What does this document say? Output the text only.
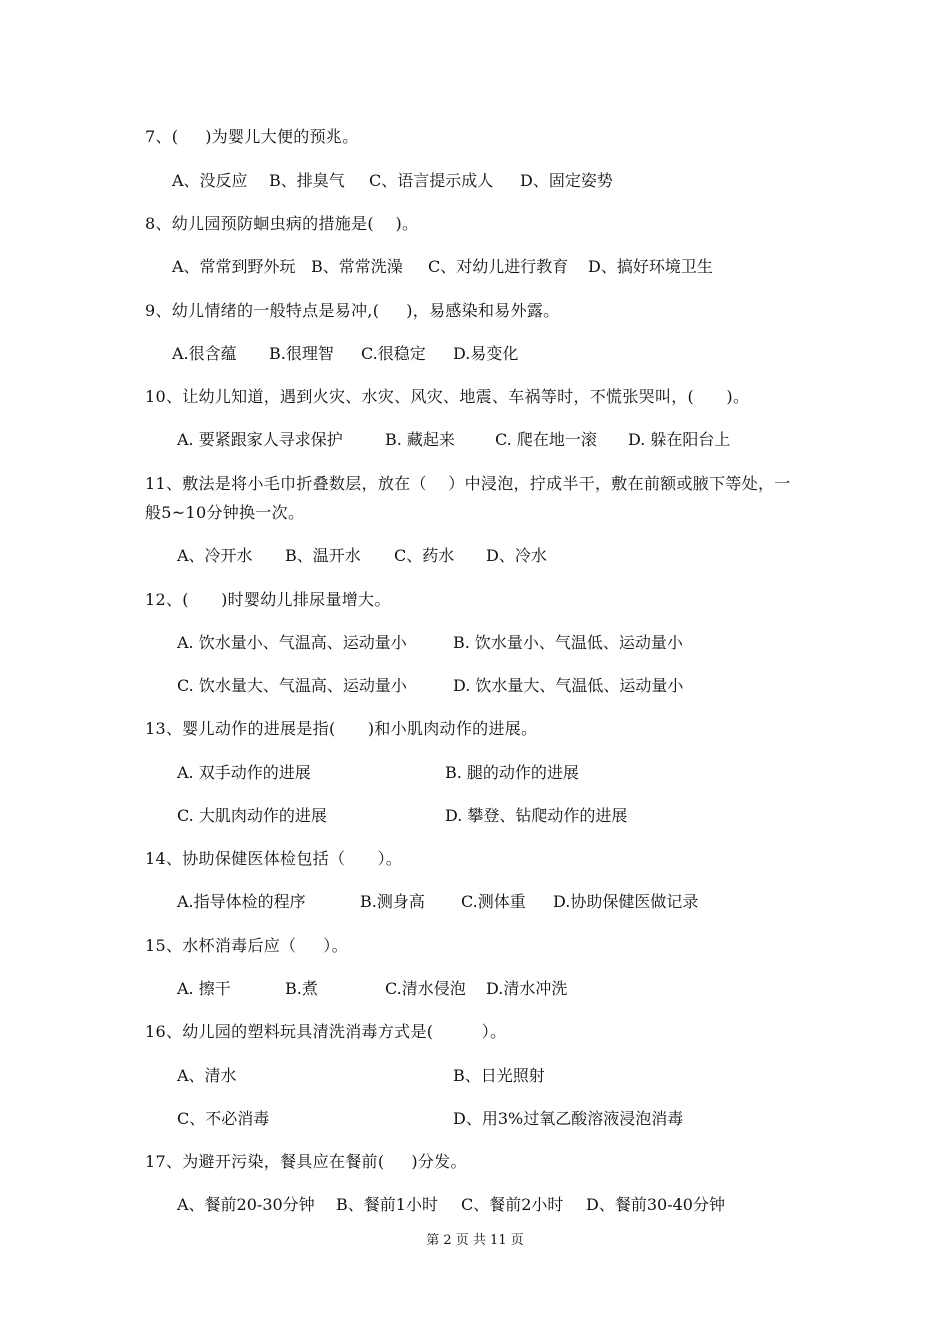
7、(     )为婴儿大便的预兆。
A、没反应 B、排臭气 C、语言提示成人 D、固定姿势
8、幼儿园预防蛔虫病的措施是(    )。
A、常常到野外玩 B、常常洗澡 C、对幼儿进行教育 D、搞好环境卫生
9、幼儿情绪的一般特点是易冲,(     )，易感染和易外露。
A.很含蕴 B.很理智 C.很稳定 D.易变化
10、让幼儿知道，遇到火灾、水灾、风灾、地震、车祸等时，不慌张哭叫，(      )。
A. 要紧跟家人寻求保护	B. 藏起来	C. 爬在地一滚 D. 躲在阳台上
11、敷法是将小毛巾折叠数层，放在（    ）中浸泡，拧成半干，敷在前额或腋下等处，一
般5~10分钟换一次。
A、冷开水 B、温开水 C、药水 D、冷水
12、(      )时婴幼儿排尿量增大。
A. 饮水量小、气温高、运动量小	B. 饮水量小、气温低、运动量小
C. 饮水量大、气温高、运动量小	D. 饮水量大、气温低、运动量小
13、婴儿动作的进展是指(      )和小肌肉动作的进展。
A. 双手动作的进展	B. 腿的动作的进展
C. 大肌肉动作的进展	D. 攀登、钻爬动作的进展
14、协助保健医体检包括（      ）。
A.指导体检的程序	B.测身高 C.测体重 D.协助保健医做记录
15、水杯消毒后应（     ）。
A. 擦干	B.煮	C.清水侵泡 D.清水冲洗
16、幼儿园的塑料玩具清洗消毒方式是(         ）。
A、清水	B、日光照射
C、不必消毒	D、用3%过氧乙酸溶液浸泡消毒
17、为避开污染，餐具应在餐前(     )分发。
A、餐前20-30分钟 B、餐前1小时 C、餐前2小时 D、餐前30-40分钟
第 2 页 共 11 页
